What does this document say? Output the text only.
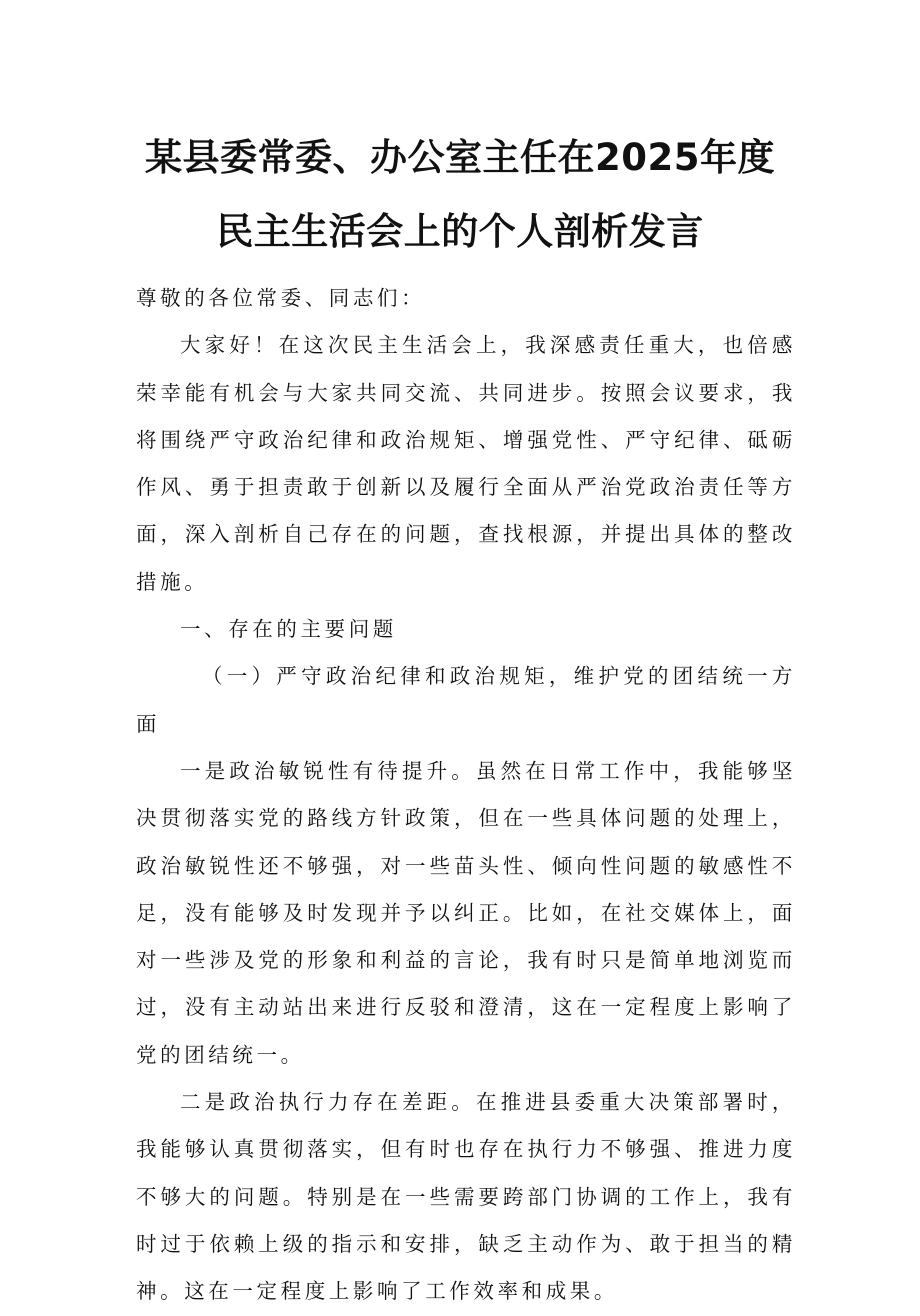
某县委常委、办公室主任在2025年度
民主生活会上的个人剖析发言

尊敬的各位常委、同志们：

大家好！在这次民主生活会上，我深感责任重大，也倍感荣幸能有机会与大家共同交流、共同进步。按照会议要求，我将围绕严守政治纪律和政治规矩、增强党性、严守纪律、砥砺作风、勇于担责敢于创新以及履行全面从严治党政治责任等方面，深入剖析自己存在的问题，查找根源，并提出具体的整改措施。

一、存在的主要问题

（一）严守政治纪律和政治规矩，维护党的团结统一方面

一是政治敏锐性有待提升。虽然在日常工作中，我能够坚决贯彻落实党的路线方针政策，但在一些具体问题的处理上，政治敏锐性还不够强，对一些苗头性、倾向性问题的敏感性不足，没有能够及时发现并予以纠正。比如，在社交媒体上，面对一些涉及党的形象和利益的言论，我有时只是简单地浏览而过，没有主动站出来进行反驳和澄清，这在一定程度上影响了党的团结统一。

二是政治执行力存在差距。在推进县委重大决策部署时，我能够认真贯彻落实，但有时也存在执行力不够强、推进力度不够大的问题。特别是在一些需要跨部门协调的工作上，我有时过于依赖上级的指示和安排，缺乏主动作为、敢于担当的精神。这在一定程度上影响了工作效率和成果。
